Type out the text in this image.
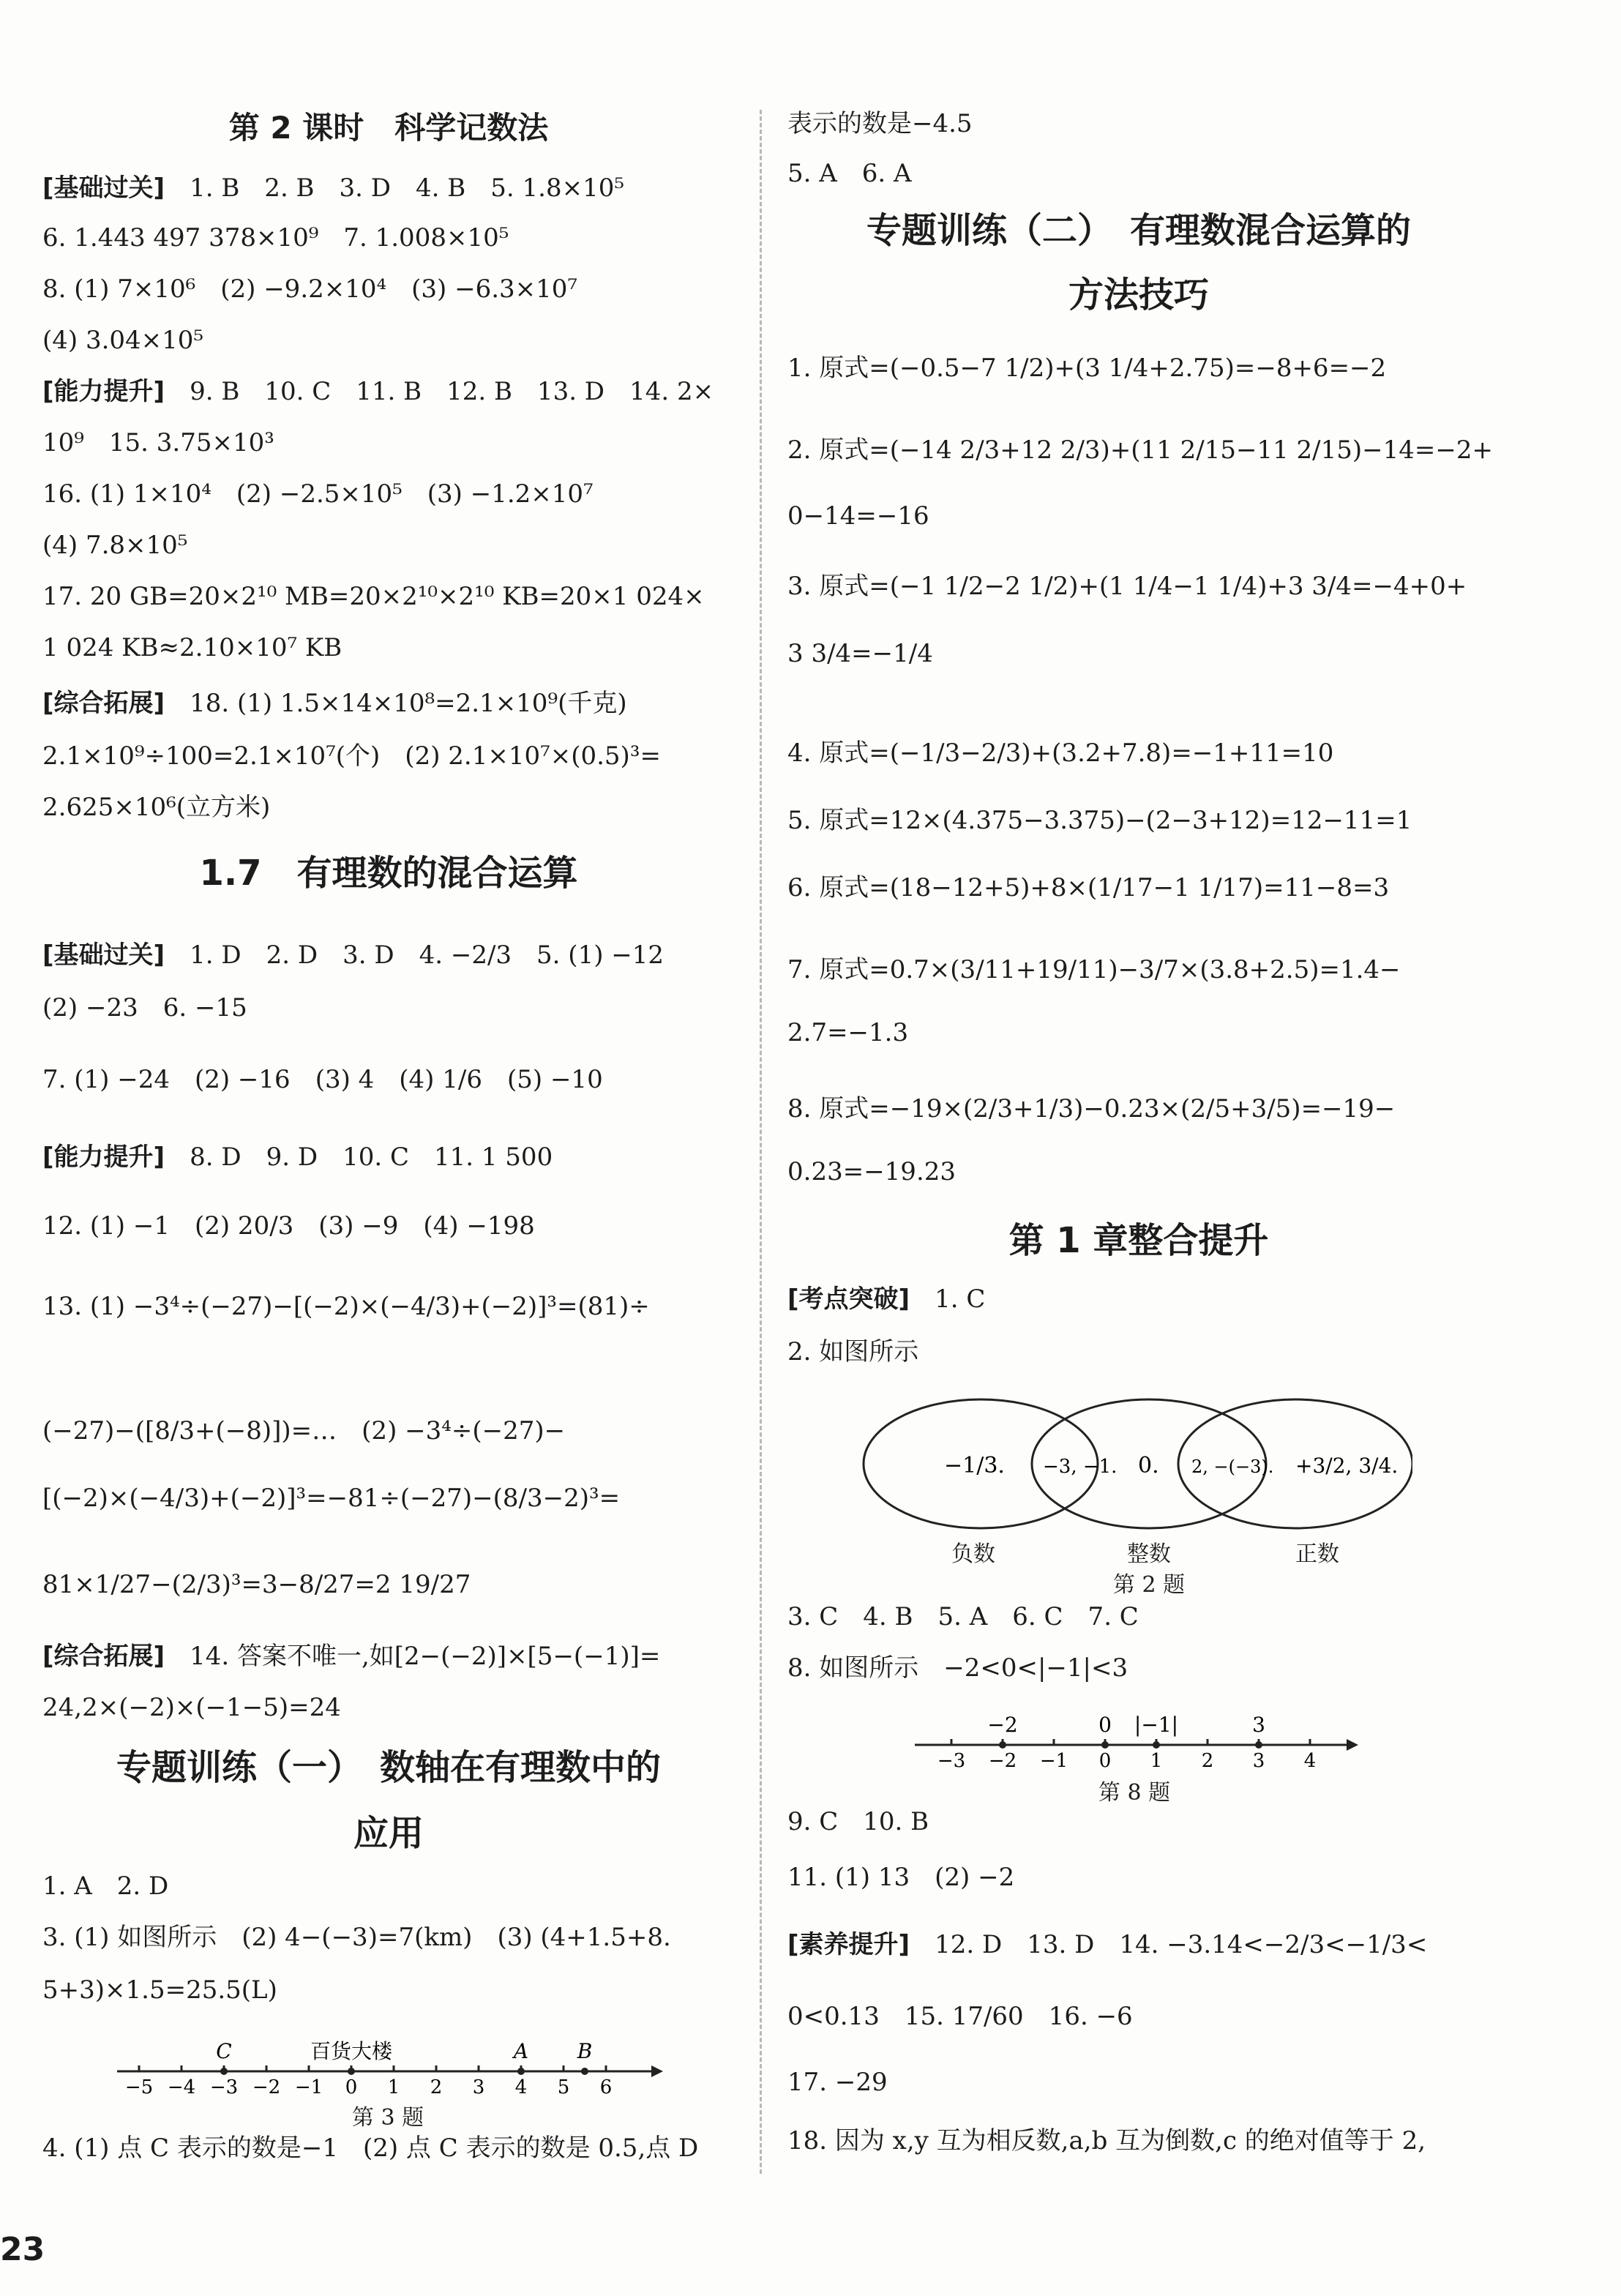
第 2 课时　科学记数法
[基础过关]　 1. B　2. B　3. D　4. B　5. 1.8×10⁵
6. 1.443 497 378×10⁹　7. 1.008×10⁵
8. (1) 7×10⁶　(2) −9.2×10⁴　(3) −6.3×10⁷
(4) 3.04×10⁵
[能力提升]　 9. B　10. C　11. B　12. B　13. D　14. 2×
10⁹　15. 3.75×10³
16. (1) 1×10⁴　(2) −2.5×10⁵　(3) −1.2×10⁷
(4) 7.8×10⁵
17. 20 GB=20×2¹⁰ MB=20×2¹⁰×2¹⁰ KB=20×1 024×
1 024 KB≈2.10×10⁷ KB
[综合拓展]　 18. (1) 1.5×14×10⁸=2.1×10⁹(千克)
2.1×10⁹÷100=2.1×10⁷(个)　(2) 2.1×10⁷×(0.5)³=
2.625×10⁶(立方米)
1.7　有理数的混合运算
[基础过关]　 1. D　2. D　3. D　4. −2/3　5. (1) −12
(2) −23　6. −15
7. (1) −24　(2) −16　(3) 4　(4) 1/6　(5) −10
[能力提升]　 8. D　9. D　10. C　11. 1 500
12. (1) −1　(2) 20/3　(3) −9　(4) −198
13. (1) −3⁴÷(−27)−[(−2)×(−4/3)+(−2)]³=(81)÷
(−27)−([8/3+(−8)])=…　(2) −3⁴÷(−27)−
[(−2)×(−4/3)+(−2)]³=−81÷(−27)−(8/3−2)³=
81×1/27−(2/3)³=3−8/27=2 19/27
[综合拓展]　 14. 答案不唯一,如[2−(−2)]×[5−(−1)]=
24,2×(−2)×(−1−5)=24
专题训练（一）　数轴在有理数中的
应用
1. A　2. D
3. (1) 如图所示　(2) 4−(−3)=7(km)　(3) (4+1.5+8.
5+3)×1.5=25.5(L)
4. (1) 点 C 表示的数是−1　(2) 点 C 表示的数是 0.5,点 D
表示的数是−4.5
5. A　6. A
专题训练（二）　有理数混合运算的
方法技巧
1. 原式=(−0.5−7 1/2)+(3 1/4+2.75)=−8+6=−2
2. 原式=(−14 2/3+12 2/3)+(11 2/15−11 2/15)−14=−2+
0−14=−16
3. 原式=(−1 1/2−2 1/2)+(1 1/4−1 1/4)+3 3/4=−4+0+
3 3/4=−1/4
4. 原式=(−1/3−2/3)+(3.2+7.8)=−1+11=10
5. 原式=12×(4.375−3.375)−(2−3+12)=12−11=1
6. 原式=(18−12+5)+8×(1/17−1 1/17)=11−8=3
7. 原式=0.7×(3/11+19/11)−3/7×(3.8+2.5)=1.4−
2.7=−1.3
8. 原式=−19×(2/3+1/3)−0.23×(2/5+3/5)=−19−
0.23=−19.23
第 1 章整合提升
[考点突破]　 1. C
2. 如图所示
3. C　4. B　5. A　6. C　7. C
8. 如图所示　−2<0<|−1|<3
9. C　10. B
11. (1) 13　(2) −2
[素养提升]　 12. D　13. D　14. −3.14<−2/3<−1/3<
0<0.13　15. 17/60　16. −6
17. −29
18. 因为 x,y 互为相反数,a,b 互为倒数,c 的绝对值等于 2,
−5 −4 −3 −2 −1 0 1 2 3 4 5 6
C	百货大楼	A B
第 3 题
−1/3. −3, −1. 0. 2, −(−3). +3/2, 3/4.
负数	整数	正数
第 2 题
−3 −2 −1 0 1 2 3 4
−2	0 |−1|	3
第 8 题
23
